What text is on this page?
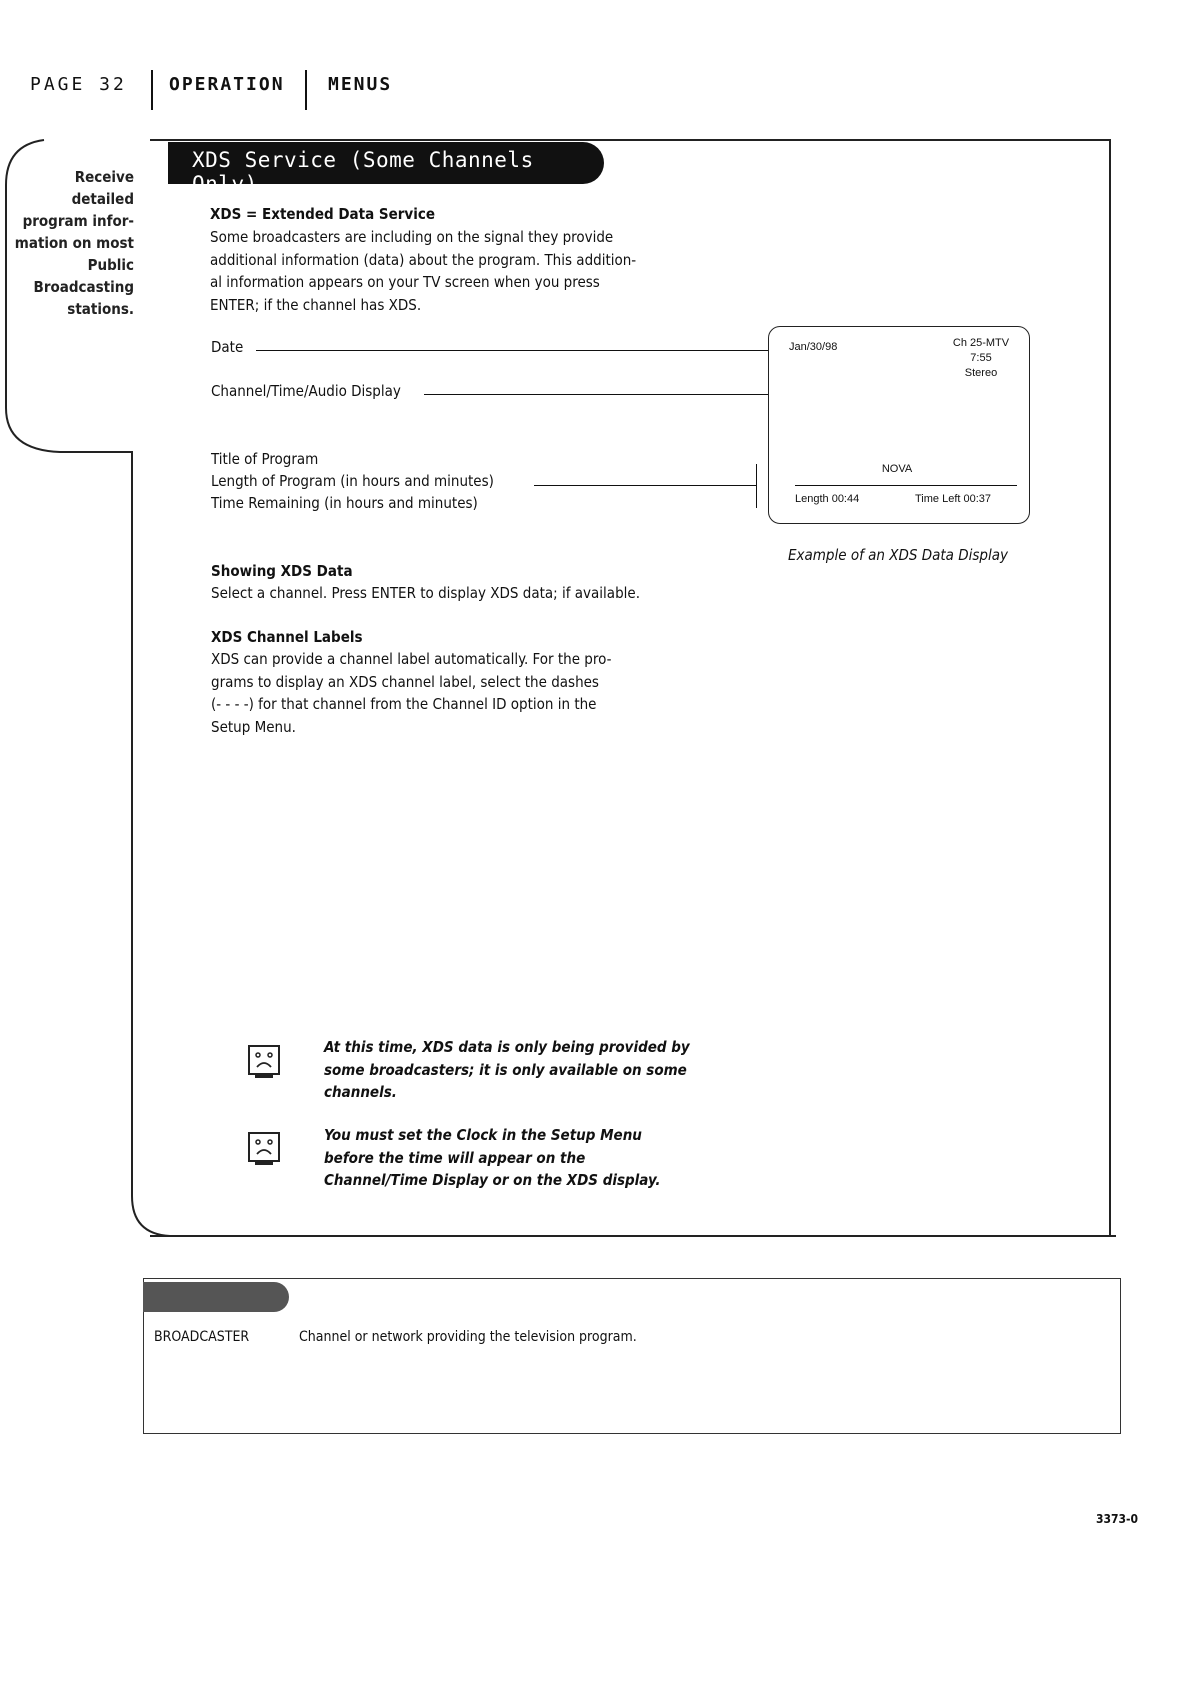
PAGE 32 OPERATION MENUS
Receive detailed
program infor-
mation on most
Public
Broadcasting
stations.
XDS Service (Some Channels Only)
XDS = Extended Data Service
Some broadcasters are including on the signal they provide
additional information (data) about the program. This addition-
al information appears on your TV screen when you press
ENTER; if the channel has XDS.
Date
Channel/Time/Audio Display
Title of Program
Length of Program (in hours and minutes)
Time Remaining (in hours and minutes)
Jan/30/98	Ch 25-MTV
7:55
Stereo
NOVA
Length 00:44	Time Left 00:37
Example of an XDS Data Display
Showing XDS Data
Select a channel. Press ENTER to display XDS data; if available.
XDS Channel Labels
XDS can provide a channel label automatically. For the pro-
grams to display an XDS channel label, select the dashes
(- - - -) for that channel from the Channel ID option in the
Setup Menu.
At this time, XDS data is only being provided by
some broadcasters; it is only available on some
channels.
You must set the Clock in the Setup Menu
before the time will appear on the
Channel/Time Display or on the XDS display.
BROADCASTER	Channel or network providing the television program.
3373-0
